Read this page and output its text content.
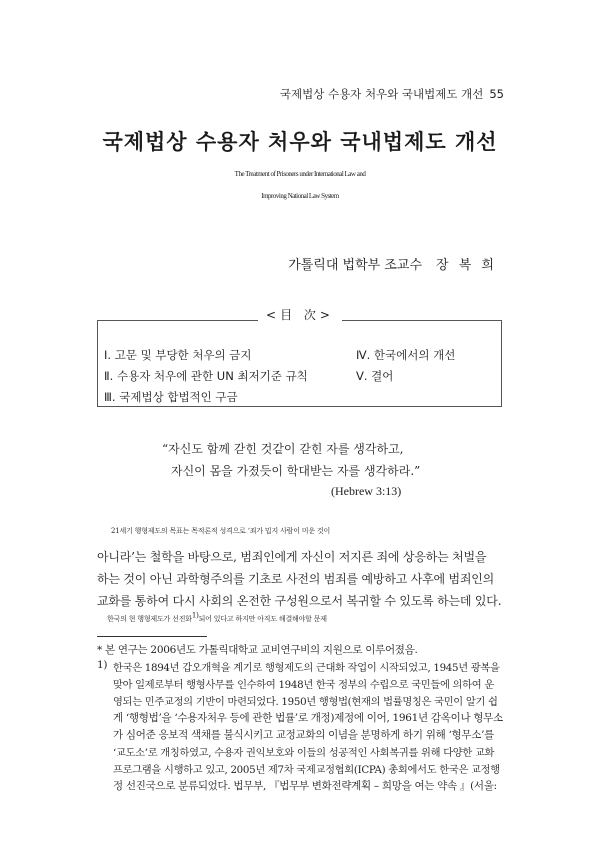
국제법상 수용자 처우와 국내법제도 개선 55
국제법상 수용자 처우와 국내법제도 개선
The Treatment of Prisoners under International Law and
Improving National Law System
가톨릭대 법학부 조교수 장 복 희
<目 次>
Ⅰ. 고문 및 부당한 처우의 금지
Ⅱ. 수용자 처우에 관한 UN 최저기준 규칙
Ⅲ. 국제법상 합법적인 구금
Ⅳ. 한국에서의 개선
Ⅴ. 결어
“자신도 함께 갇힌 것같이 갇힌 자를 생각하고,
자신이 몸을 가졌듯이 학대받는 자를 생각하라.”
(Hebrew 3:13)
21세기 행형제도의 목표는 목적론적 성격으로 ‘죄가 밉지 사람이 미운 것이
아니라’는 철학을 바탕으로, 범죄인에게 자신이 저지른 죄에 상응하는 처벌을
하는 것이 아닌 과학형주의를 기초로 사전의 범죄를 예방하고 사후에 범죄인의
교화를 통하여 다시 사회의 온전한 구성원으로서 복귀할 수 있도록 하는데 있다.
한국의 현 행형제도가 선진화$^{1)}$되어 있다고 하지만 아직도 해결해야할 문제
* 본 연구는 2006년도 가톨릭대학교 교비연구비의 지원으로 이루어졌음.
1) 한국은 1894년 갑오개혁을 계기로 행형제도의 근대화 작업이 시작되었고, 1945년 광복을
맞아 일제로부터 행형사무를 인수하여 1948년 한국 정부의 수립으로 국민들에 의하여 운
영되는 민주교정의 기반이 마련되었다. 1950년 행형법(현재의 법률명칭은 국민이 알기 쉽
게 ‘행형법’을 ‘수용자처우 등에 관한 법률’로 개정)제정에 이어, 1961년 감옥이나 형무소
가 심어준 응보적 색채를 불식시키고 교정교화의 이념을 분명하게 하기 위해 ‘형무소’를
‘교도소’로 개칭하였고, 수용자 권익보호와 이들의 성공적인 사회복귀를 위해 다양한 교화
프로그램을 시행하고 있고, 2005년 제7차 국제교정협회(ICPA) 총회에서도 한국은 교정행
정 선진국으로 분류되었다. 법무부, 『법무부 변화전략계획 – 희망을 여는 약속 』(서울:
